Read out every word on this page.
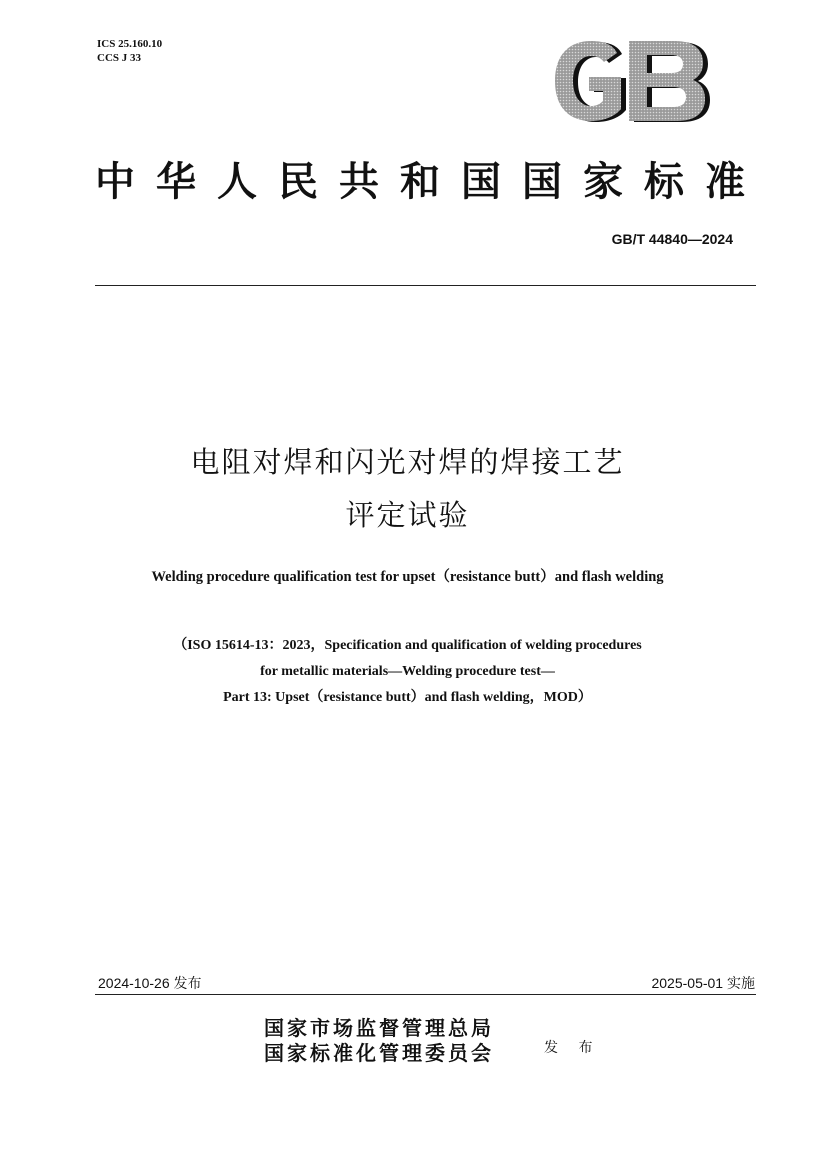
ICS 25.160.10
CCS J 33
中华人民共和国国家标准
GB/T 44840—2024
电阻对焊和闪光对焊的焊接工艺
评定试验
Welding procedure qualification test for upset（resistance butt）and flash welding
（ISO 15614-13：2023，Specification and qualification of welding procedures
for metallic materials—Welding procedure test—
Part 13: Upset（resistance butt）and flash welding，MOD）
2024-10-26 发布	2025-05-01 实施
国家市场监督管理总局
国家标准化管理委员会	发 布
